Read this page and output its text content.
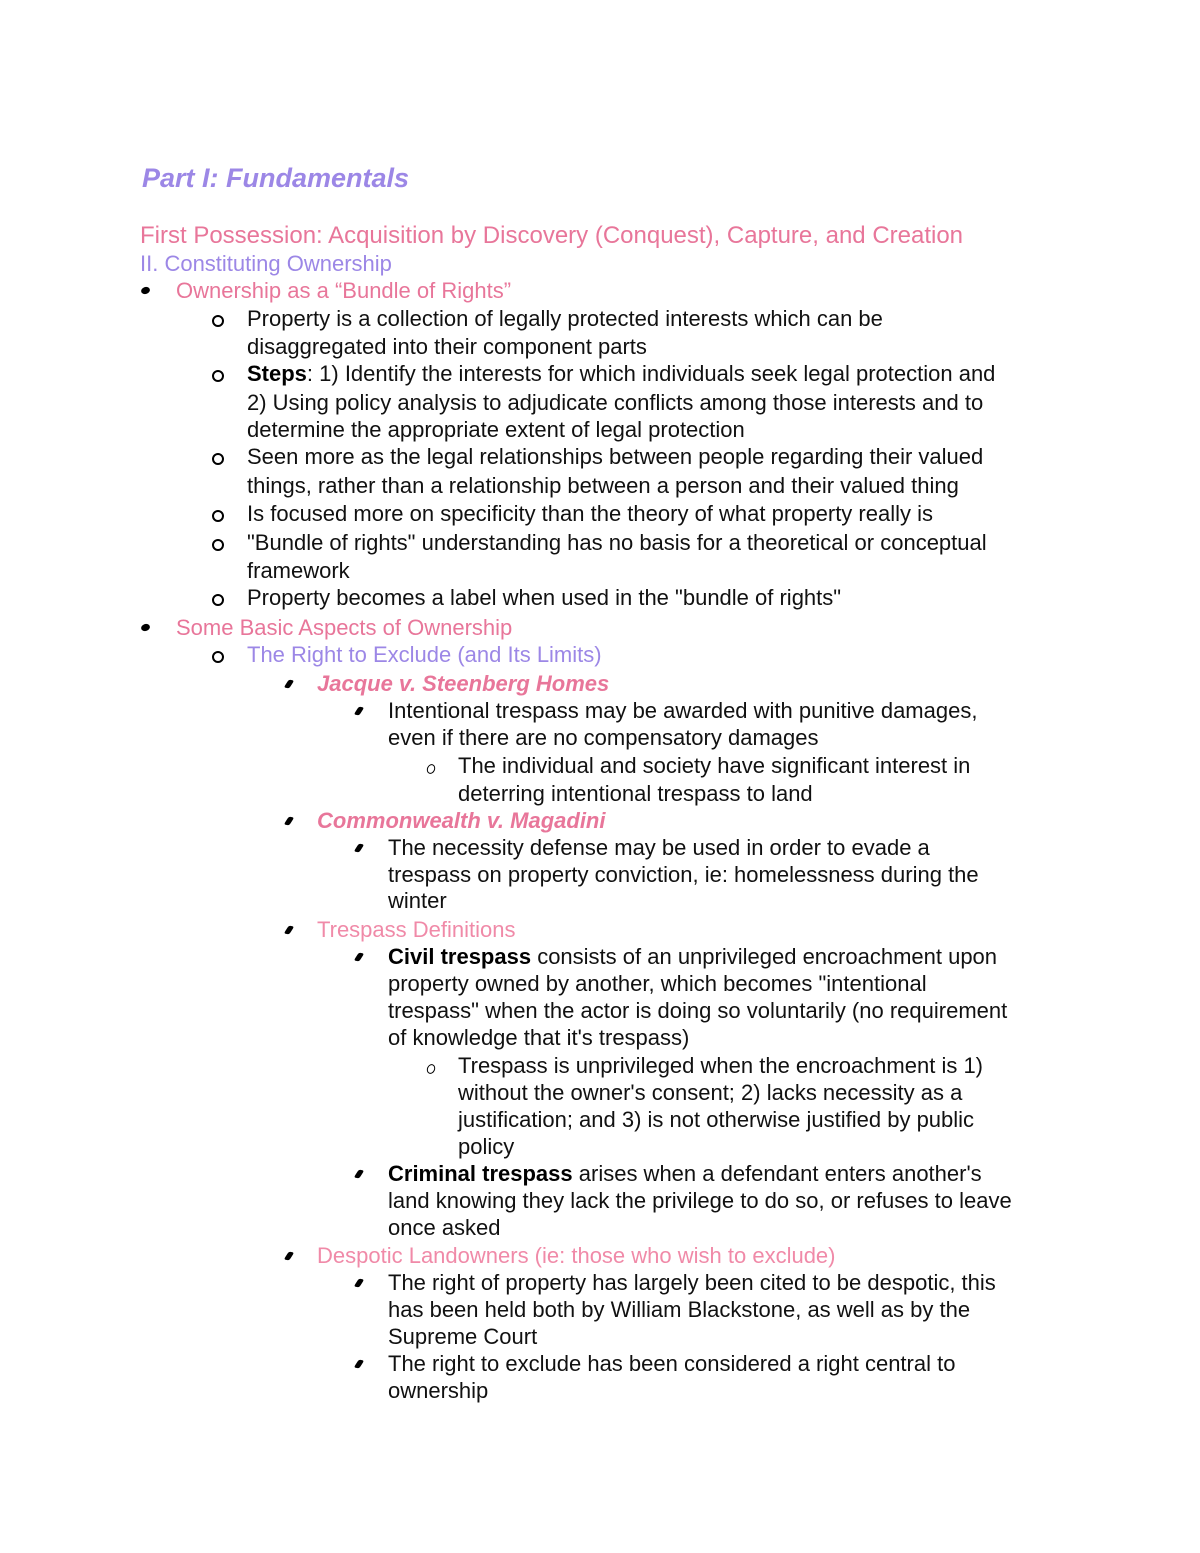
Part I: Fundamentals
First Possession: Acquisition by Discovery (Conquest), Capture, and Creation
II. Constituting Ownership
Ownership as a “Bundle of Rights”
Property is a collection of legally protected interests which can be
disaggregated into their component parts
Steps: 1) Identify the interests for which individuals seek legal protection and
2) Using policy analysis to adjudicate conflicts among those interests and to
determine the appropriate extent of legal protection
Seen more as the legal relationships between people regarding their valued
things, rather than a relationship between a person and their valued thing
Is focused more on specificity than the theory of what property really is
"Bundle of rights" understanding has no basis for a theoretical or conceptual
framework
Property becomes a label when used in the "bundle of rights"
Some Basic Aspects of Ownership
The Right to Exclude (and Its Limits)
Jacque v. Steenberg Homes
Intentional trespass may be awarded with punitive damages,
even if there are no compensatory damages
The individual and society have significant interest in
deterring intentional trespass to land
Commonwealth v. Magadini
The necessity defense may be used in order to evade a
trespass on property conviction, ie: homelessness during the
winter
Trespass Definitions
Civil trespass consists of an unprivileged encroachment upon
property owned by another, which becomes "intentional
trespass" when the actor is doing so voluntarily (no requirement
of knowledge that it's trespass)
Trespass is unprivileged when the encroachment is 1)
without the owner's consent; 2) lacks necessity as a
justification; and 3) is not otherwise justified by public
policy
Criminal trespass arises when a defendant enters another's
land knowing they lack the privilege to do so, or refuses to leave
once asked
Despotic Landowners (ie: those who wish to exclude)
The right of property has largely been cited to be despotic, this
has been held both by William Blackstone, as well as by the
Supreme Court
The right to exclude has been considered a right central to
ownership
